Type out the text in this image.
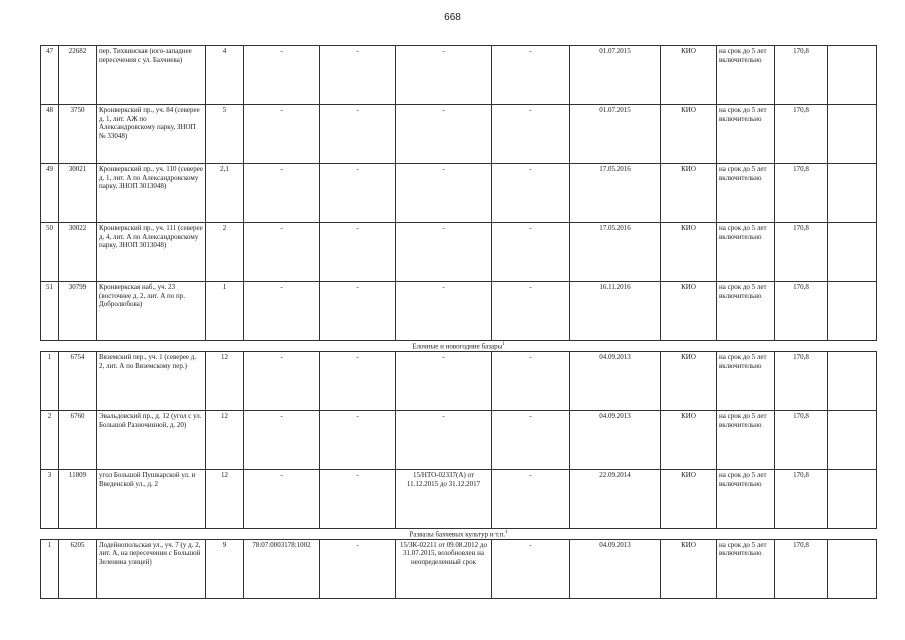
668
47	22682	пер. Тихвинская (юго-западнее пересечения с ул. Бахчиева)	4	-	-	-	-	01.07.2015	КИО	на срок до 5 лет включительно	170,8	
48	3750	Кронверкский пр., уч. 84 (северее д. 1, лит. АЖ по Александровскому парку, ЗНОП № 33048)	5	-	-	-	-	01.07.2015	КИО	на срок до 5 лет включительно	170,8	
49	30021	Кронверкский пр., уч. 110 (северее д. 1, лит. А по Александровскому парку, ЗНОП 3013048)	2,1	-	-	-	-	17.05.2016	КИО	на срок до 5 лет включительно	170,8	
50	30022	Кронверкский пр., уч. 111 (северее д. 4, лит. А по Александровскому парку, ЗНОП 3013048)	2	-	-	-	-	17.05.2016	КИО	на срок до 5 лет включительно	170,8	
51	30799	Кронверкская наб., уч. 23 (восточнее д. 2, лит. А по пр. Добролюбова)	1	-	-	-	-	16.11.2016	КИО	на срок до 5 лет включительно	170,8	
Елочные и новогодние базары$^1$
1	6754	Вяземский пер., уч. 1 (северее д. 2, лит. А по Вяземскому пер.)	12	-	-	-	-	04.09.2013	КИО	на срок до 5 лет включительно	170,8	
2	6760	Эвальдовский пр., д. 12 (угол с ул. Большой Разночинной, д. 20)	12	-	-	-	-	04.09.2013	КИО	на срок до 5 лет включительно	170,8	
3	11809	угол Большой Пушкарской ул. и Введенской ул., д. 2	12	-	-	15/НТО-02337(А) от 11.12.2015 до 31.12.2017	-	22.09.2014	КИО	на срок до 5 лет включительно	170,8	
Развалы бахчевых культур и т.п.$^1$
1	6205	Лодейнопольская ул., уч. 7 (у д. 2, лит. А, на пересечении с Большой Зеленина улицей)	9	78:07:0003178:1002	-	15/ЗК-02211 от 09.08.2012 до 31.07.2015, возобновлен на неопределенный срок	-	04.09.2013	КИО	на срок до 5 лет включительно	170,8	
